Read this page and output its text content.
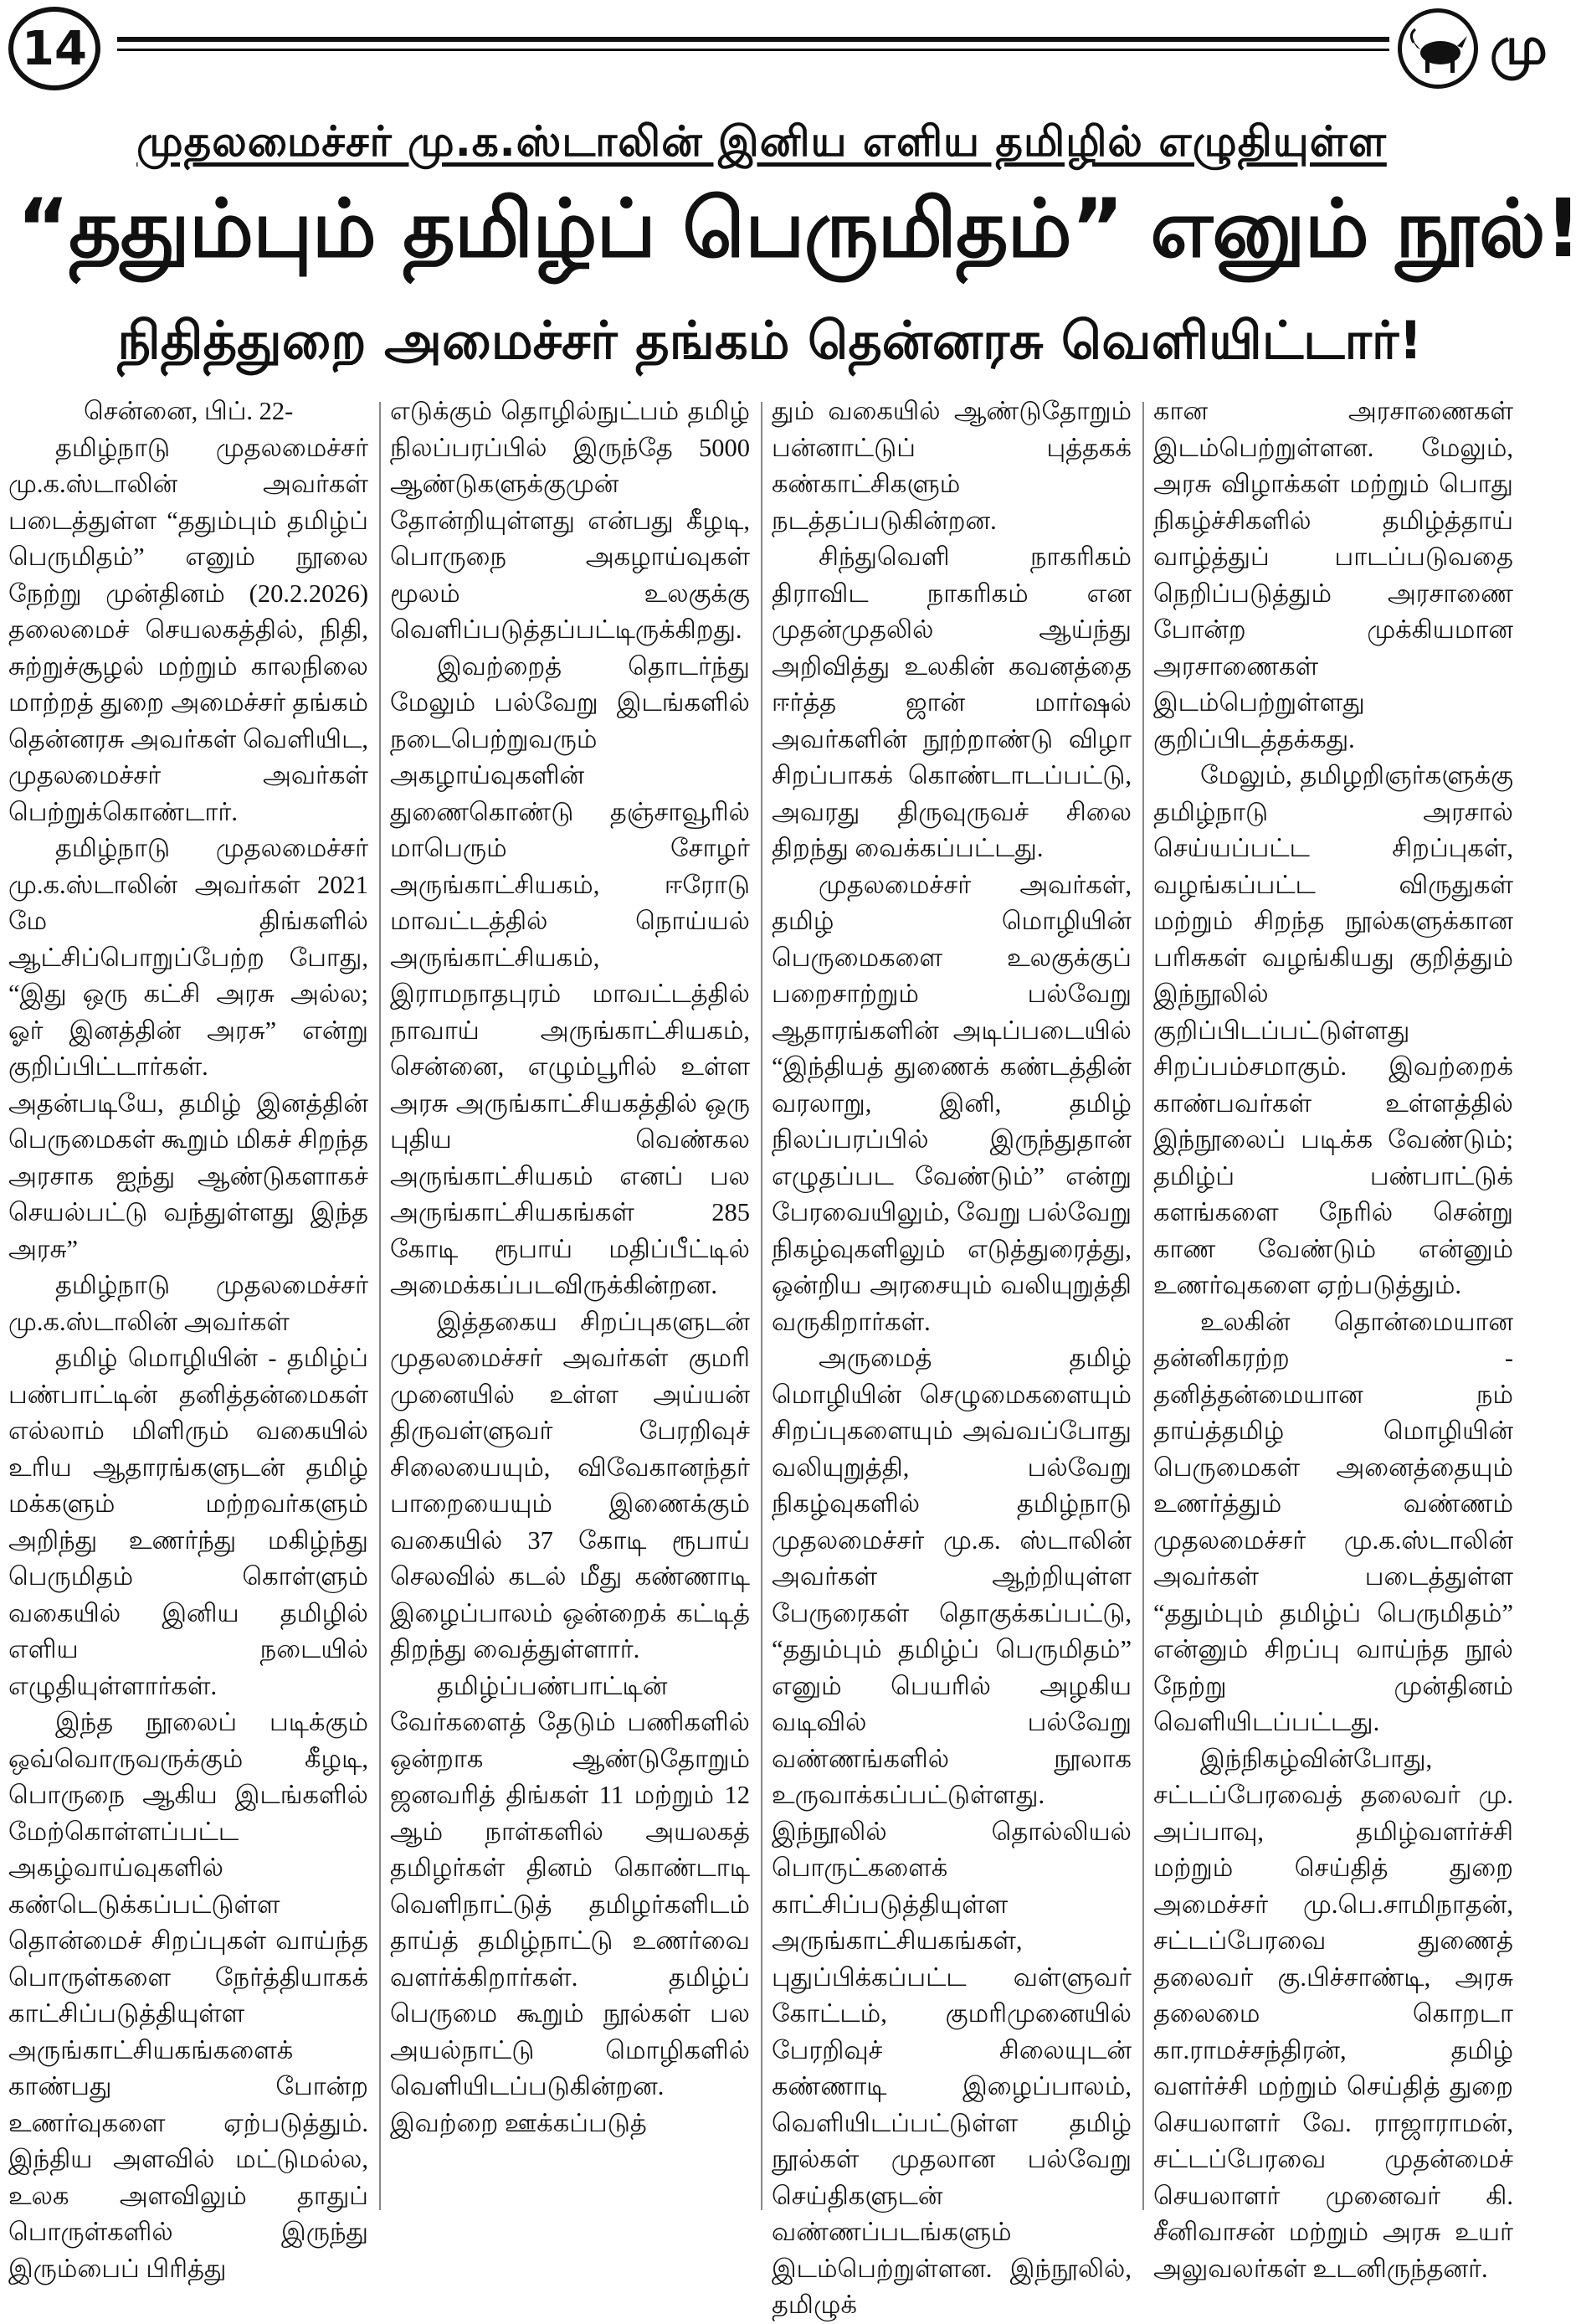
14	மு
முதலமைச்சர் மு.க.ஸ்டாலின் இனிய எளிய தமிழில் எழுதியுள்ள
“ததும்பும் தமிழ்ப் பெருமிதம்” எனும் நூல்!
நிதித்துறை அமைச்சர் தங்கம் தென்னரசு வெளியிட்டார்!

சென்னை, பிப். 22-

தமிழ்நாடு முதலமைச்சர் மு.க.ஸ்டாலின் அவர்கள் படைத்துள்ள “ததும்பும் தமிழ்ப் பெருமிதம்” எனும் நூலை நேற்று முன்தினம் (20.2.2026) தலைமைச் செயலகத்தில், நிதி, சுற்றுச்சூழல் மற்றும் காலநிலை மாற்றத் துறை அமைச்சர் தங்கம் தென்னரசு அவர்கள் வெளியிட, முதலமைச்சர் அவர்கள் பெற்றுக்கொண்டார்.

தமிழ்நாடு முதலமைச்சர் மு.க.ஸ்டாலின் அவர்கள் 2021 மே திங்களில் ஆட்சிப்பொறுப்பேற்ற போது, “இது ஒரு கட்சி அரசு அல்ல; ஓர் இனத்தின் அரசு” என்று குறிப்பிட்டார்கள். அதன்படியே, தமிழ் இனத்தின் பெருமைகள் கூறும் மிகச் சிறந்த அரசாக ஐந்து ஆண்டுகளாகச் செயல்பட்டு வந்துள்ளது இந்த அரசு”

தமிழ்நாடு முதலமைச்சர் மு.க.ஸ்டாலின் அவர்கள்

தமிழ் மொழியின் - தமிழ்ப் பண்பாட்டின் தனித்தன்மைகள் எல்லாம் மிளிரும் வகையில் உரிய ஆதாரங்களுடன் தமிழ் மக்களும் மற்றவர்களும் அறிந்து உணர்ந்து மகிழ்ந்து பெருமிதம் கொள்ளும் வகையில் இனிய தமிழில் எளிய நடையில் எழுதியுள்ளார்கள்.

இந்த நூலைப் படிக்கும் ஒவ்வொருவருக்கும் கீழடி, பொருநை ஆகிய இடங்களில் மேற்கொள்ளப்பட்ட அகழ்வாய்வுகளில் கண்டெடுக்கப்பட்டுள்ள தொன்மைச் சிறப்புகள் வாய்ந்த பொருள்களை நேர்த்தியாகக் காட்சிப்படுத்தியுள்ள அருங்காட்சியகங்களைக் காண்பது போன்ற உணர்வுகளை ஏற்படுத்தும். இந்திய அளவில் மட்டுமல்ல, உலக அளவிலும் தாதுப் பொருள்களில் இருந்து இரும்பைப் பிரித்து

எடுக்கும் தொழில்நுட்பம் தமிழ் நிலப்பரப்பில் இருந்தே 5000 ஆண்டுகளுக்குமுன் தோன்றியுள்ளது என்பது கீழடி, பொருநை அகழாய்வுகள் மூலம் உலகுக்கு வெளிப்படுத்தப்பட்டிருக்கிறது.

இவற்றைத் தொடர்ந்து மேலும் பல்வேறு இடங்களில் நடைபெற்றுவரும் அகழாய்வுகளின் துணைகொண்டு தஞ்சாவூரில் மாபெரும் சோழர் அருங்காட்சியகம், ஈரோடு மாவட்டத்தில் நொய்யல் அருங்காட்சியகம், இராமநாதபுரம் மாவட்டத்தில் நாவாய் அருங்காட்சியகம், சென்னை, எழும்பூரில் உள்ள அரசு அருங்காட்சியகத்தில் ஒரு புதிய வெண்கல அருங்காட்சியகம் எனப் பல அருங்காட்சியகங்கள் 285 கோடி ரூபாய் மதிப்பீட்டில் அமைக்கப்படவிருக்கின்றன.

இத்தகைய சிறப்புகளுடன் முதலமைச்சர் அவர்கள் குமரி முனையில் உள்ள அய்யன் திருவள்ளுவர் பேரறிவுச் சிலையையும், விவேகானந்தர் பாறையையும் இணைக்கும் வகையில் 37 கோடி ரூபாய் செலவில் கடல் மீது கண்ணாடி இழைப்பாலம் ஒன்றைக் கட்டித் திறந்து வைத்துள்ளார்.

தமிழ்ப்பண்பாட்டின் வேர்களைத் தேடும் பணிகளில் ஒன்றாக ஆண்டுதோறும் ஜனவரித் திங்கள் 11 மற்றும் 12 ஆம் நாள்களில் அயலகத் தமிழர்கள் தினம் கொண்டாடி வெளிநாட்டுத் தமிழர்களிடம் தாய்த் தமிழ்நாட்டு உணர்வை வளர்க்கிறார்கள். தமிழ்ப் பெருமை கூறும் நூல்கள் பல அயல்நாட்டு மொழிகளில் வெளியிடப்படுகின்றன. இவற்றை ஊக்கப்படுத்

தும் வகையில் ஆண்டுதோறும் பன்னாட்டுப் புத்தகக் கண்காட்சிகளும் நடத்தப்படுகின்றன.

சிந்துவெளி நாகரிகம் திராவிட நாகரிகம் என முதன்முதலில் ஆய்ந்து அறிவித்து உலகின் கவனத்தை ஈர்த்த ஜான் மார்ஷல் அவர்களின் நூற்றாண்டு விழா சிறப்பாகக் கொண்டாடப்பட்டு, அவரது திருவுருவச் சிலை திறந்து வைக்கப்பட்டது.

முதலமைச்சர் அவர்கள், தமிழ் மொழியின் பெருமைகளை உலகுக்குப் பறைசாற்றும் பல்வேறு ஆதாரங்களின் அடிப்படையில் “இந்தியத் துணைக் கண்டத்தின் வரலாறு, இனி, தமிழ் நிலப்பரப்பில் இருந்துதான் எழுதப்பட வேண்டும்” என்று பேரவையிலும், வேறு பல்வேறு நிகழ்வுகளிலும் எடுத்துரைத்து, ஒன்றிய அரசையும் வலியுறுத்தி வருகிறார்கள்.

அருமைத் தமிழ் மொழியின் செழுமைகளையும் சிறப்புகளையும் அவ்வப்போது வலியுறுத்தி, பல்வேறு நிகழ்வுகளில் தமிழ்நாடு முதலமைச்சர் மு.க. ஸ்டாலின் அவர்கள் ஆற்றியுள்ள பேருரைகள் தொகுக்கப்பட்டு, “ததும்பும் தமிழ்ப் பெருமிதம்” எனும் பெயரில் அழகிய வடிவில் பல்வேறு வண்ணங்களில் நூலாக உருவாக்கப்பட்டுள்ளது. இந்நூலில் தொல்லியல் பொருட்களைக் காட்சிப்படுத்தியுள்ள அருங்காட்சியகங்கள், புதுப்பிக்கப்பட்ட வள்ளுவர் கோட்டம், குமரிமுனையில் பேரறிவுச் சிலையுடன் கண்ணாடி இழைப்பாலம், வெளியிடப்பட்டுள்ள தமிழ் நூல்கள் முதலான பல்வேறு செய்திகளுடன் வண்ணப்படங்களும் இடம்பெற்றுள்ளன. இந்நூலில், தமிழுக்

கான அரசாணைகள் இடம்பெற்றுள்ளன. மேலும், அரசு விழாக்கள் மற்றும் பொது நிகழ்ச்சிகளில் தமிழ்த்தாய் வாழ்த்துப் பாடப்படுவதை நெறிப்படுத்தும் அரசாணை போன்ற முக்கியமான அரசாணைகள் இடம்பெற்றுள்ளது குறிப்பிடத்தக்கது.

மேலும், தமிழறிஞர்களுக்கு தமிழ்நாடு அரசால் செய்யப்பட்ட சிறப்புகள், வழங்கப்பட்ட விருதுகள் மற்றும் சிறந்த நூல்களுக்கான பரிசுகள் வழங்கியது குறித்தும் இந்நூலில் குறிப்பிடப்பட்டுள்ளது சிறப்பம்சமாகும். இவற்றைக் காண்பவர்கள் உள்ளத்தில் இந்நூலைப் படிக்க வேண்டும்; தமிழ்ப் பண்பாட்டுக் களங்களை நேரில் சென்று காண வேண்டும் என்னும் உணர்வுகளை ஏற்படுத்தும்.

உலகின் தொன்மையான தன்னிகரற்ற - தனித்தன்மையான நம் தாய்த்தமிழ் மொழியின் பெருமைகள் அனைத்தையும் உணர்த்தும் வண்ணம் முதலமைச்சர் மு.க.ஸ்டாலின் அவர்கள் படைத்துள்ள “ததும்பும் தமிழ்ப் பெருமிதம்” என்னும் சிறப்பு வாய்ந்த நூல் நேற்று முன்தினம் வெளியிடப்பட்டது.

இந்நிகழ்வின்போது, சட்டப்பேரவைத் தலைவர் மு. அப்பாவு, தமிழ்வளர்ச்சி மற்றும் செய்தித் துறை அமைச்சர் மு.பெ.சாமிநாதன், சட்டப்பேரவை துணைத் தலைவர் கு.பிச்சாண்டி, அரசு தலைமை கொறடா கா.ராமச்சந்திரன், தமிழ் வளர்ச்சி மற்றும் செய்தித் துறை செயலாளர் வே. ராஜாராமன், சட்டப்பேரவை முதன்மைச் செயலாளர் முனைவர் கி. சீனிவாசன் மற்றும் அரசு உயர் அலுவலர்கள் உடனிருந்தனர்.
